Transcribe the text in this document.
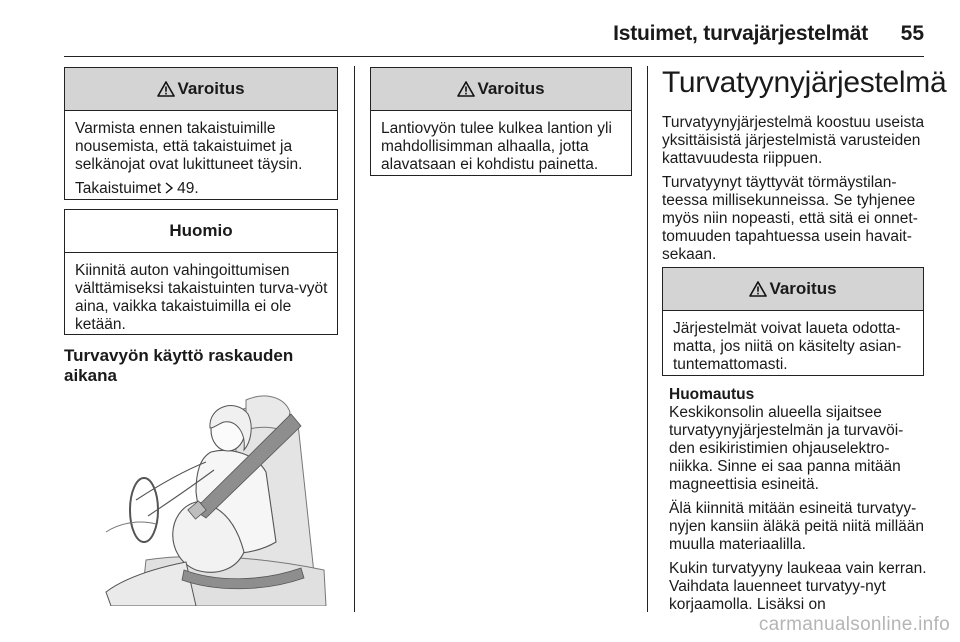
Istuimet, turvajärjestelmät	55
Varoitus

Varmista ennen takaistuimille nousemista, että takaistuimet ja selkänojat ovat lukittuneet täysin.

Takaistuimet 49.

Huomio

Kiinnitä auton vahingoittumisen välttämiseksi takaistuinten turva-vyöt aina, vaikka takaistuimilla ei ole ketään.

Turvavyön käyttö raskauden aikana
Varoitus

Lantiovyön tulee kulkea lantion yli mahdollisimman alhaalla, jotta alavatsaan ei kohdistu painetta.

Turvatyynyjärjestelmä

Turvatyynyjärjestelmä koostuu useista yksittäisistä järjestelmistä varusteiden kattavuudesta riippuen.

Turvatyynyt täyttyvät törmäystilan-teessa millisekunneissa. Se tyhjenee myös niin nopeasti, että sitä ei onnet-tomuuden tapahtuessa usein havait-sekaan.

Varoitus

Järjestelmät voivat laueta odotta-matta, jos niitä on käsitelty asian-tuntemattomasti.

Huomautus

Keskikonsolin alueella sijaitsee turvatyynyjärjestelmän ja turvavöi-den esikiristimien ohjauselektro-niikka. Sinne ei saa panna mitään magneettisia esineitä.

Älä kiinnitä mitään esineitä turvatyy-nyjen kansiin äläkä peitä niitä millään muulla materiaalilla.

Kukin turvatyyny laukeaa vain kerran. Vaihdata lauenneet turvatyy-nyt korjaamolla. Lisäksi on

carmanualsonline.info
